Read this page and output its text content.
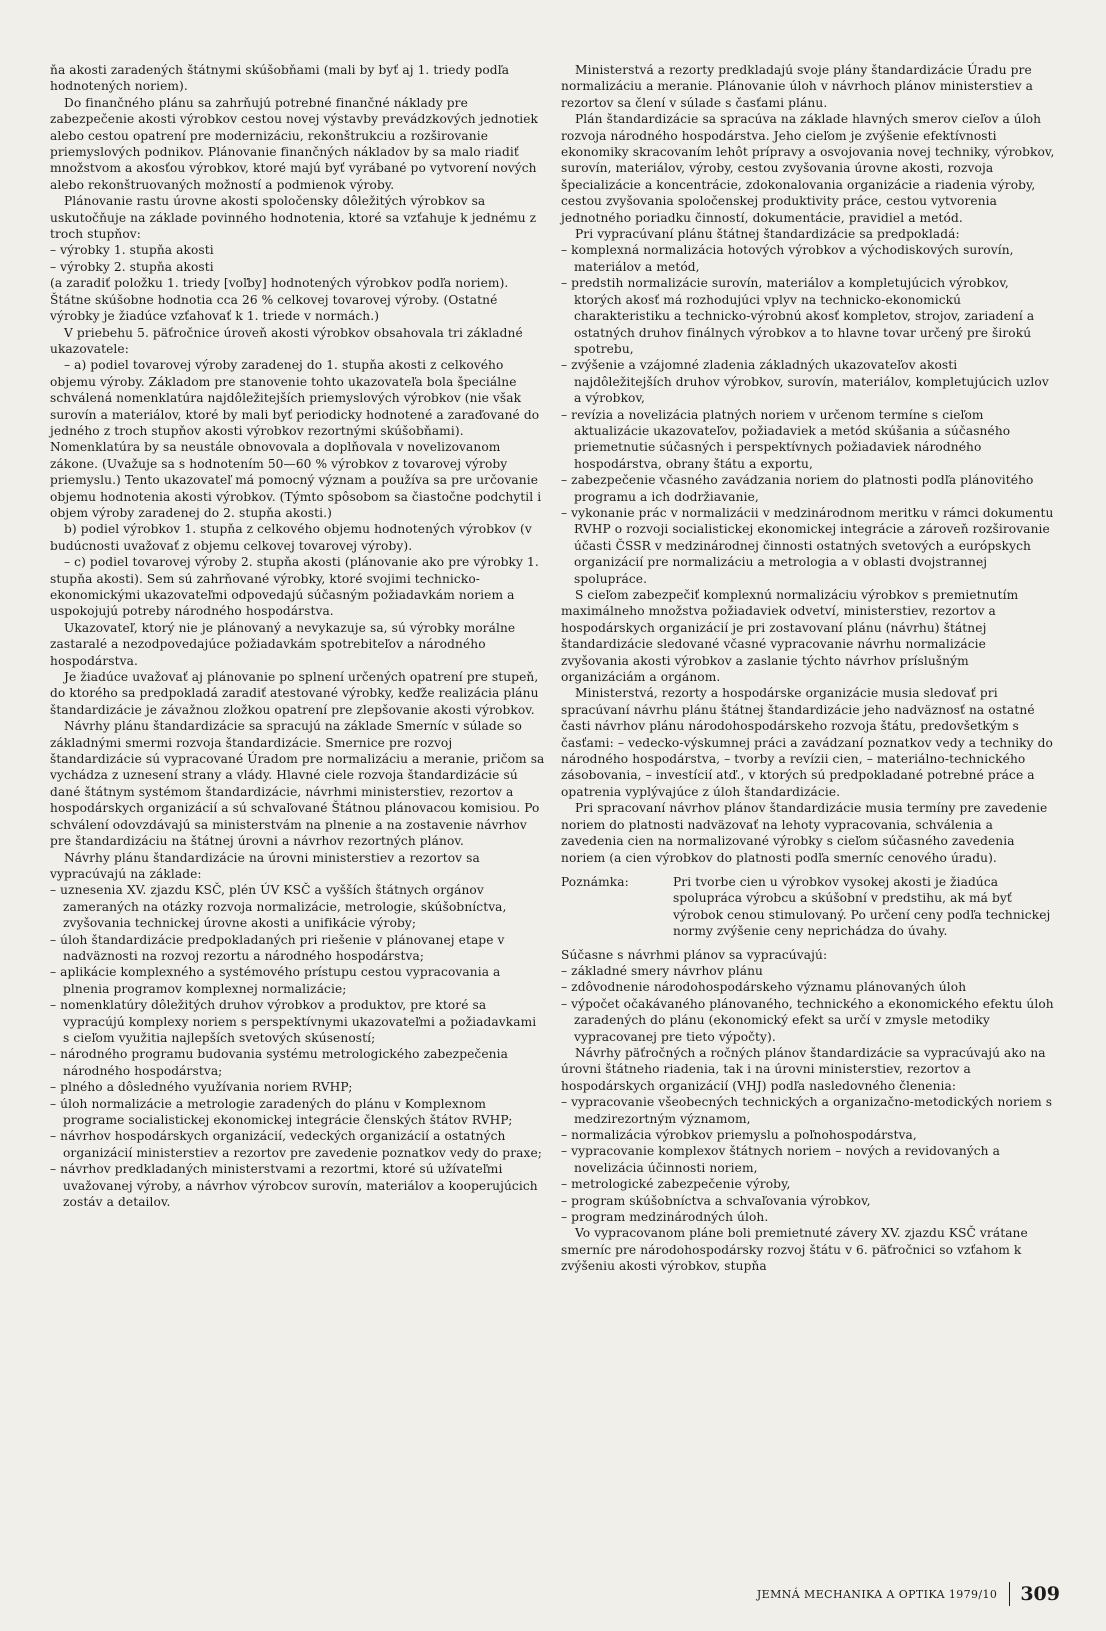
ňa akosti zaradených štátnymi skúšobňami (mali by byť aj 1. triedy podľa hodnotených noriem).

Do finančného plánu sa zahrňujú potrebné finančné náklady pre zabezpečenie akosti výrobkov cestou novej výstavby prevádzkových jednotiek alebo cestou opatrení pre modernizáciu, rekonštrukciu a rozširovanie priemyslových podnikov. Plánovanie finančných nákladov by sa malo riadiť množstvom a akosťou výrobkov, ktoré majú byť vyrábané po vytvorení nových alebo rekonštruovaných možností a podmienok výroby.

Plánovanie rastu úrovne akosti spoločensky dôležitých výrobkov sa uskutočňuje na základe povinného hodnotenia, ktoré sa vzťahuje k jednému z troch stupňov:

– výrobky 1. stupňa akosti

– výrobky 2. stupňa akosti

(a zaradiť položku 1. triedy [voľby] hodnotených výrobkov podľa noriem). Štátne skúšobne hodnotia cca 26 % celkovej tovarovej výroby. (Ostatné výrobky je žiadúce vzťahovať k 1. triede v normách.)

V priebehu 5. päťročnice úroveň akosti výrobkov obsahovala tri základné ukazovatele:

– a) podiel tovarovej výroby zaradenej do 1. stupňa akosti z celkového objemu výroby. Základom pre stanovenie tohto ukazovateľa bola špeciálne schválená nomenklatúra najdôležitejších priemyslových výrobkov (nie však surovín a materiálov, ktoré by mali byť periodicky hodnotené a zaraďované do jedného z troch stupňov akosti výrobkov rezortnými skúšobňami). Nomenklatúra by sa neustále obnovovala a doplňovala v novelizovanom zákone. (Uvažuje sa s hodnotením 50—60 % výrobkov z tovarovej výroby priemyslu.) Tento ukazovateľ má pomocný význam a používa sa pre určovanie objemu hodnotenia akosti výrobkov. (Týmto spôsobom sa čiastočne podchytil i objem výroby zaradenej do 2. stupňa akosti.)

b) podiel výrobkov 1. stupňa z celkového objemu hodnotených výrobkov (v budúcnosti uvažovať z objemu celkovej tovarovej výroby).

– c) podiel tovarovej výroby 2. stupňa akosti (plánovanie ako pre výrobky 1. stupňa akosti). Sem sú zahrňované výrobky, ktoré svojimi technicko-ekonomickými ukazovateľmi odpovedajú súčasným požiadavkám noriem a uspokojujú potreby národného hospodárstva.

Ukazovateľ, ktorý nie je plánovaný a nevykazuje sa, sú výrobky morálne zastaralé a nezodpovedajúce požiadavkám spotrebiteľov a národného hospodárstva.

Je žiadúce uvažovať aj plánovanie po splnení určených opatrení pre stupeň, do ktorého sa predpokladá zaradiť atestované výrobky, keďže realizácia plánu štandardizácie je závažnou zložkou opatrení pre zlepšovanie akosti výrobkov.

Návrhy plánu štandardizácie sa spracujú na základe Smerníc v súlade so základnými smermi rozvoja štandardizácie. Smernice pre rozvoj štandardizácie sú vypracované Úradom pre normalizáciu a meranie, pričom sa vychádza z uznesení strany a vlády. Hlavné ciele rozvoja štandardizácie sú dané štátnym systémom štandardizácie, návrhmi ministerstiev, rezortov a hospodárskych organizácií a sú schvaľované Štátnou plánovacou komisiou. Po schválení odovzdávajú sa ministerstvám na plnenie a na zostavenie návrhov pre štandardizáciu na štátnej úrovni a návrhov rezortných plánov.

Návrhy plánu štandardizácie na úrovni ministerstiev a rezortov sa vypracúvajú na základe:

– uznesenia XV. zjazdu KSČ, plén ÚV KSČ a vyšších štátnych orgánov zameraných na otázky rozvoja normalizácie, metrologie, skúšobníctva, zvyšovania technickej úrovne akosti a unifikácie výroby;

– úloh štandardizácie predpokladaných pri riešenie v plánovanej etape v nadväznosti na rozvoj rezortu a národného hospodárstva;

– aplikácie komplexného a systémového prístupu cestou vypracovania a plnenia programov komplexnej normalizácie;

– nomenklatúry dôležitých druhov výrobkov a produktov, pre ktoré sa vypracújú komplexy noriem s perspektívnymi ukazovateľmi a požiadavkami s cieľom využitia najlepších svetových skúseností;

– národného programu budovania systému metrologického zabezpečenia národného hospodárstva;

– plného a dôsledného využívania noriem RVHP;

– úloh normalizácie a metrologie zaradených do plánu v Komplexnom programe socialistickej ekonomickej integrácie členských štátov RVHP;

– návrhov hospodárskych organizácií, vedeckých organizácií a ostatných organizácií ministerstiev a rezortov pre zavedenie poznatkov vedy do praxe;

– návrhov predkladaných ministerstvami a rezortmi, ktoré sú užívateľmi uvažovanej výroby, a návrhov výrobcov surovín, materiálov a kooperujúcich zostáv a detailov.

Ministerstvá a rezorty predkladajú svoje plány štandardizácie Úradu pre normalizáciu a meranie. Plánovanie úloh v návrhoch plánov ministerstiev a rezortov sa člení v súlade s časťami plánu.

Plán štandardizácie sa spracúva na základe hlavných smerov cieľov a úloh rozvoja národného hospodárstva. Jeho cieľom je zvýšenie efektívnosti ekonomiky skracovaním lehôt prípravy a osvojovania novej techniky, výrobkov, surovín, materiálov, výroby, cestou zvyšovania úrovne akosti, rozvoja špecializácie a koncentrácie, zdokonalovania organizácie a riadenia výroby, cestou zvyšovania spoločenskej produktivity práce, cestou vytvorenia jednotného poriadku činností, dokumentácie, pravidiel a metód.

Pri vypracúvaní plánu štátnej štandardizácie sa predpokladá:

– komplexná normalizácia hotových výrobkov a východiskových surovín, materiálov a metód,

– predstih normalizácie surovín, materiálov a kompletujúcich výrobkov, ktorých akosť má rozhodujúci vplyv na technicko-ekonomickú charakteristiku a technicko-výrobnú akosť kompletov, strojov, zariadení a ostatných druhov finálnych výrobkov a to hlavne tovar určený pre širokú spotrebu,

– zvýšenie a vzájomné zladenia základných ukazovateľov akosti najdôležitejších druhov výrobkov, surovín, materiálov, kompletujúcich uzlov a výrobkov,

– revízia a novelizácia platných noriem v určenom termíne s cieľom aktualizácie ukazovateľov, požiadaviek a metód skúšania a súčasného priemetnutie súčasných i perspektívnych požiadaviek národného hospodárstva, obrany štátu a exportu,

– zabezpečenie včasného zavádzania noriem do platnosti podľa plánovitého programu a ich dodržiavanie,

– vykonanie prác v normalizácii v medzinárodnom meritku v rámci dokumentu RVHP o rozvoji socialistickej ekonomickej integrácie a zároveň rozširovanie účasti ČSSR v medzinárodnej činnosti ostatných svetových a európskych organizácií pre normalizáciu a metrologia a v oblasti dvojstrannej spolupráce.

S cieľom zabezpečiť komplexnú normalizáciu výrobkov s premietnutím maximálneho množstva požiadaviek odvetví, ministerstiev, rezortov a hospodárskych organizácií je pri zostavovaní plánu (návrhu) štátnej štandardizácie sledované včasné vypracovanie návrhu normalizácie zvyšovania akosti výrobkov a zaslanie týchto návrhov príslušným organizáciám a orgánom.

Ministerstvá, rezorty a hospodárske organizácie musia sledovať pri spracúvaní návrhu plánu štátnej štandardizácie jeho nadväznosť na ostatné časti návrhov plánu národohospodárskeho rozvoja štátu, predovšetkým s časťami: – vedecko-výskumnej práci a zavádzaní poznatkov vedy a techniky do národného hospodárstva, – tvorby a revízii cien, – materiálno-technického zásobovania, – investícií atď., v ktorých sú predpokladané potrebné práce a opatrenia vyplývajúce z úloh štandardizácie.

Pri spracovaní návrhov plánov štandardizácie musia termíny pre zavedenie noriem do platnosti nadväzovať na lehoty vypracovania, schválenia a zavedenia cien na normalizované výrobky s cieľom súčasného zavedenia noriem (a cien výrobkov do platnosti podľa smerníc cenového úradu).

Poznámka:	Pri tvorbe cien u výrobkov vysokej akosti je žiadúca spolupráca výrobcu a skúšobní v predstihu, ak má byť výrobok cenou stimulovaný. Po určení ceny podľa technickej normy zvýšenie ceny neprichádza do úvahy.

Súčasne s návrhmi plánov sa vypracúvajú:

– základné smery návrhov plánu

– zdôvodnenie národohospodárskeho významu plánovaných úloh

– výpočet očakávaného plánovaného, technického a ekonomického efektu úloh zaradených do plánu (ekonomický efekt sa určí v zmysle metodiky vypracovanej pre tieto výpočty).

Návrhy päťročných a ročných plánov štandardizácie sa vypracúvajú ako na úrovni štátneho riadenia, tak i na úrovni ministerstiev, rezortov a hospodárskych organizácií (VHJ) podľa nasledovného členenia:

– vypracovanie všeobecných technických a organizačno-metodických noriem s medzirezortným významom,

– normalizácia výrobkov priemyslu a poľnohospodárstva,

– vypracovanie komplexov štátnych noriem – nových a revidovaných a novelizácia účinnosti noriem,

– metrologické zabezpečenie výroby,

– program skúšobníctva a schvaľovania výrobkov,

– program medzinárodných úloh.

Vo vypracovanom pláne boli premietnuté závery XV. zjazdu KSČ vrátane smerníc pre národohospodársky rozvoj štátu v 6. päťročnici so vzťahom k zvýšeniu akosti výrobkov, stupňa

JEMNÁ MECHANIKA A OPTIKA 1979/10 309
